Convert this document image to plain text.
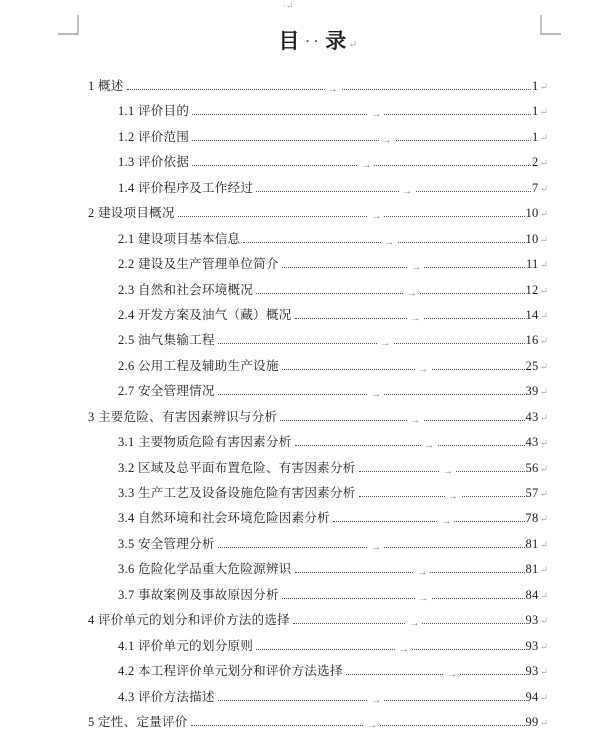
·↵
目 ·· 录 ↵
1 概述	→	1 ↵
1.1 评价目的	→	1 ↵
1.2 评价范围	→	1 ↵
1.3 评价依据	→	2 ↵
1.4 评价程序及工作经过	→	7 ↵
2 建设项目概况	→	10 ↵
2.1 建设项目基本信息	→	10 ↵
2.2 建设及生产管理单位简介	→	11 ↵
2.3 自然和社会环境概况	→	12 ↵
2.4 开发方案及油气（藏）概况	→	14 ↵
2.5 油气集输工程	→	16 ↵
2.6 公用工程及辅助生产设施	→	25 ↵
2.7 安全管理情况	→	39 ↵
3 主要危险、有害因素辨识与分析	→	43 ↵
3.1 主要物质危险有害因素分析	→	43 ↵
3.2 区域及总平面布置危险、有害因素分析	→	56 ↵
3.3 生产工艺及设备设施危险有害因素分析	→	57 ↵
3.4 自然环境和社会环境危险因素分析	→	78 ↵
3.5 安全管理分析	→	81 ↵
3.6 危险化学品重大危险源辨识	→	81 ↵
3.7 事故案例及事故原因分析	→	84 ↵
4 评价单元的划分和评价方法的选择	→	93 ↵
4.1 评价单元的划分原则	→	93 ↵
4.2 本工程评价单元划分和评价方法选择	→	93 ↵
4.3 评价方法描述	→	94 ↵
5 定性、定量评价	→	99 ↵
